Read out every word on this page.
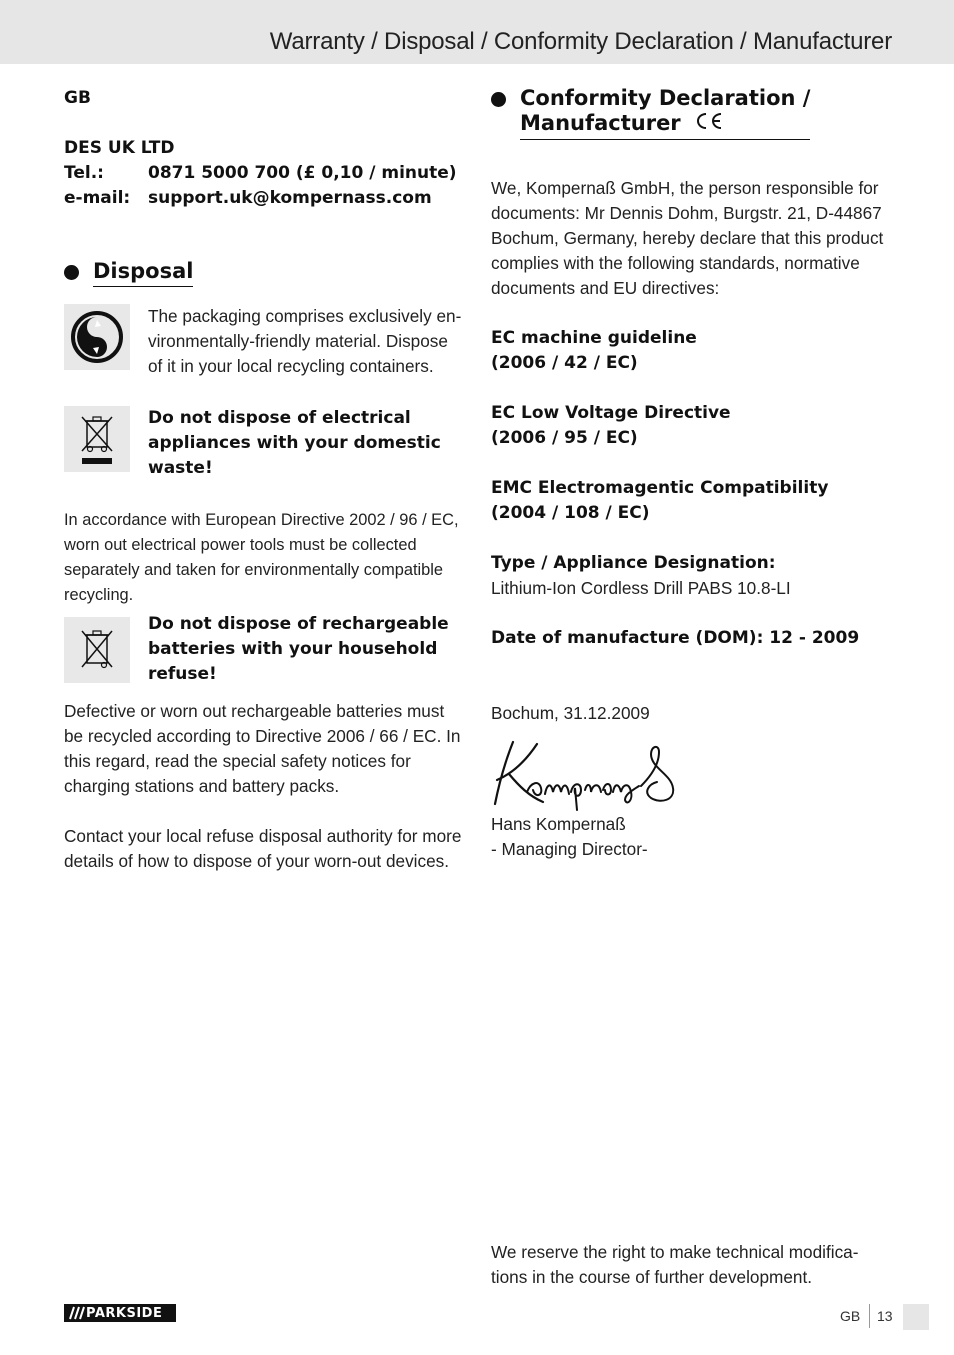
Warranty / Disposal / Conformity Declaration / Manufacturer
GB
DES UK LTD
Tel.:	0871 5000 700 (£ 0,10 / minute)
e-mail:	support.uk@kompernass.com
Disposal
The packaging comprises exclusively en-vironmentally-friendly material. Dispose of it in your local recycling containers.
Do not dispose of electrical appliances with your domestic waste!
In accordance with European Directive 2002 / 96 / EC, worn out electrical power tools must be collected separately and taken for environmentally compatible recycling.
Do not dispose of rechargeable batteries with your household refuse!
Defective or worn out rechargeable batteries must be recycled according to Directive 2006 / 66 / EC. In this regard, read the special safety notices for charging stations and battery packs.
Contact your local refuse disposal authority for more details of how to dispose of your worn-out devices.
Conformity Declaration /
Manufacturer
We, Kompernaß GmbH, the person responsible for documents: Mr Dennis Dohm, Burgstr. 21, D-44867 Bochum, Germany, hereby declare that this product complies with the following standards, normative documents and EU directives:
EC machine guideline
(2006 / 42 / EC)
EC Low Voltage Directive
(2006 / 95 / EC)
EMC Electromagentic Compatibility
(2004 / 108 / EC)
Type / Appliance Designation:
Lithium-Ion Cordless Drill PABS 10.8-LI
Date of manufacture (DOM): 12 - 2009
Bochum, 31.12.2009
Hans Kompernaß
- Managing Director-
We reserve the right to make technical modifica-tions in the course of further development.
PARKSIDE	GB 13
